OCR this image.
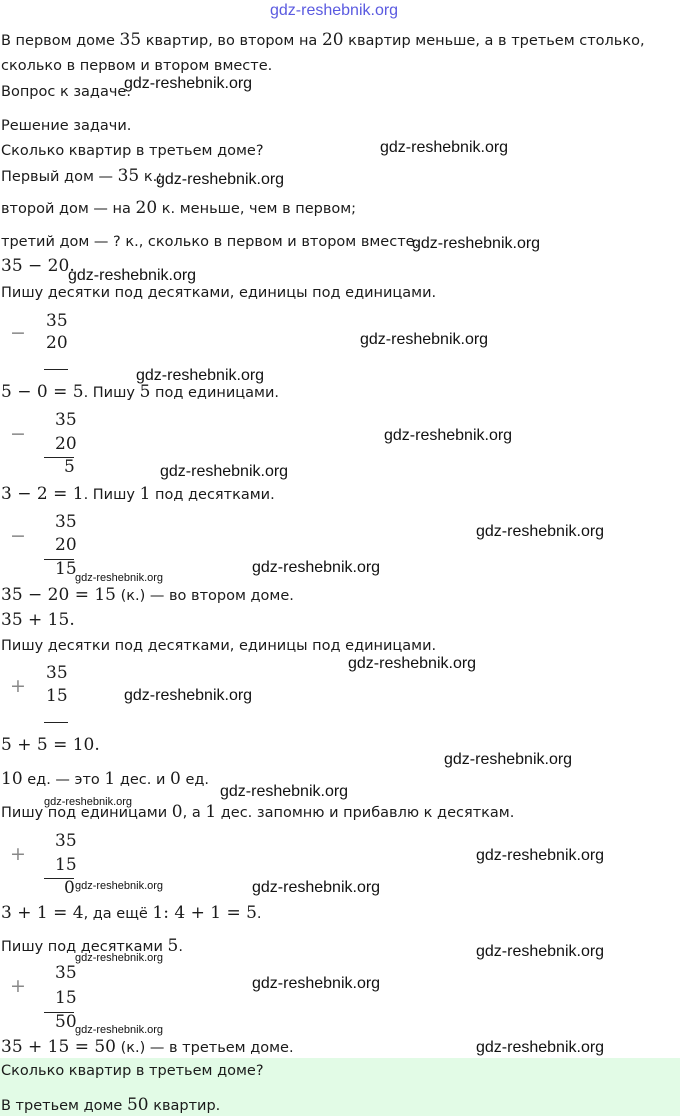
gdz-reshebnik.org
В первом доме 35 квартир, во втором на 20 квартир меньше, а в третьем столько,
сколько в первом и втором вместе.
Вопрос к задаче.
Решение задачи.
Сколько квартир в третьем доме?
Первый дом — 35 к.;
второй дом — на 20 к. меньше, чем в первом;
третий дом — ? к., сколько в первом и втором вместе.
35 − 20.
Пишу десятки под десятками, единицы под единицами.
−
35
20
5 − 0 = 5. Пишу 5 под единицами.
−
35
20
5
3 − 2 = 1. Пишу 1 под десятками.
−
35
20
15
35 − 20 = 15 (к.) — во втором доме.
35 + 15.
Пишу десятки под десятками, единицы под единицами.
+
35
15
5 + 5 = 10.
10 ед. — это 1 дес. и 0 ед.
Пишу под единицами 0, а 1 дес. запомню и прибавлю к десяткам.
+
35
15
0
3 + 1 = 4, да ещё 1: 4 + 1 = 5.
Пишу под десятками 5.
+
35
15
50
35 + 15 = 50 (к.) — в третьем доме.
Сколько квартир в третьем доме?
В третьем доме 50 квартир.
gdz-reshebnik.org
gdz-reshebnik.org
gdz-reshebnik.org
gdz-reshebnik.org
gdz-reshebnik.org
gdz-reshebnik.org
gdz-reshebnik.org
gdz-reshebnik.org
gdz-reshebnik.org
gdz-reshebnik.org
gdz-reshebnik.org
gdz-reshebnik.org
gdz-reshebnik.org
gdz-reshebnik.org
gdz-reshebnik.org
gdz-reshebnik.org
gdz-reshebnik.org
gdz-reshebnik.org
gdz-reshebnik.org
gdz-reshebnik.org
gdz-reshebnik.org
gdz-reshebnik.org
gdz-reshebnik.org
gdz-reshebnik.org
gdz-reshebnik.org
